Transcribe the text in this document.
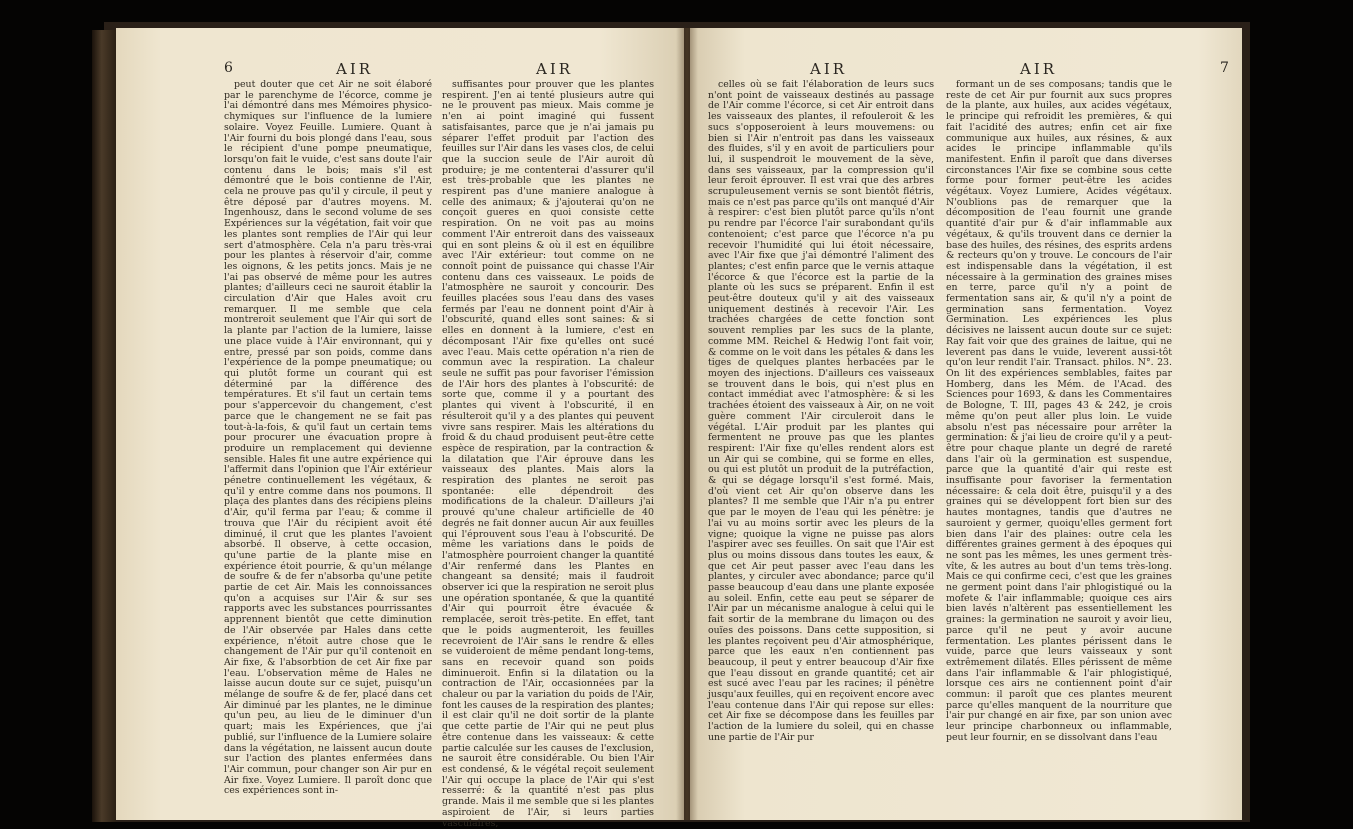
6	AIR	AIR

peut douter que cet Air ne soit élaboré par le parenchyme de l'écorce, comme je l'ai démontré dans mes Mémoires physico-chymiques sur l'influence de la lumiere solaire. Voyez Feuille. Lumiere. Quant à l'Air fourni du bois plongé dans l'eau, sous le récipient d'une pompe pneumatique, lorsqu'on fait le vuide, c'est sans doute l'air contenu dans le bois; mais s'il est démontré que le bois contienne de l'Air, cela ne prouve pas qu'il y circule, il peut y être déposé par d'autres moyens. M. Ingenhousz, dans le second volume de ses Expériences sur la végétation, fait voir que les plantes sont remplies de l'Air qui leur sert d'atmosphère. Cela n'a paru très-vrai pour les plantes à réservoir d'air, comme les oignons, & les petits joncs. Mais je ne l'ai pas observé de même pour les autres plantes; d'ailleurs ceci ne sauroit établir la circulation d'Air que Hales avoit cru remarquer. Il me semble que cela montreroit seulement que l'Air qui sort de la plante par l'action de la lumiere, laisse une place vuide à l'Air environnant, qui y entre, pressé par son poids, comme dans l'expérience de la pompe pneumatique; ou qui plutôt forme un courant qui est déterminé par la différence des températures. Et s'il faut un certain tems pour s'appercevoir du changement, c'est parce que le changement ne se fait pas tout-à-la-fois, & qu'il faut un certain tems pour procurer une évacuation propre à produire un remplacement qui devienne sensible. Hales fit une autre expérience qui l'affermit dans l'opinion que l'Air extérieur pénetre continuellement les végétaux, & qu'il y entre comme dans nos poumons. Il plaça des plantes dans des récipiens pleins d'Air, qu'il ferma par l'eau; & comme il trouva que l'Air du récipient avoit été diminué, il crut que les plantes l'avoient absorbé. Il observe, à cette occasion, qu'une partie de la plante mise en expérience étoit pourrie, & qu'un mélange de soufre & de fer n'absorba qu'une petite partie de cet Air. Mais les connoissances qu'on a acquises sur l'Air & sur ses rapports avec les substances pourrissantes apprennent bientôt que cette diminution de l'Air observée par Hales dans cette expérience, n'étoit autre chose que le changement de l'Air pur qu'il contenoit en Air fixe, & l'absorbtion de cet Air fixe par l'eau. L'observation même de Hales ne laisse aucun doute sur ce sujet, puisqu'un mélange de soufre & de fer, placé dans cet Air diminué par les plantes, ne le diminue qu'un peu, au lieu de le diminuer d'un quart; mais les Expériences, que j'ai publié, sur l'influence de la Lumiere solaire dans la végétation, ne laissent aucun doute sur l'action des plantes enfermées dans l'Air commun, pour changer son Air pur en Air fixe. Voyez Lumiere. Il paroît donc que ces expériences sont in-

suffisantes pour prouver que les plantes respirent. J'en ai tenté plusieurs autre qui ne le prouvent pas mieux. Mais comme je n'en ai point imaginé qui fussent satisfaisantes, parce que je n'ai jamais pu séparer l'effet produit par l'action des feuilles sur l'Air dans les vases clos, de celui que la succion seule de l'Air auroit dû produire; je me contenterai d'assurer qu'il est très-probable que les plantes ne respirent pas d'une maniere analogue à celle des animaux; & j'ajouterai qu'on ne conçoit gueres en quoi consiste cette respiration. On ne voit pas au moins comment l'Air entreroit dans des vaisseaux qui en sont pleins & où il est en équilibre avec l'Air extérieur: tout comme on ne connoît point de puissance qui chasse l'Air contenu dans ces vaisseaux. Le poids de l'atmosphère ne sauroit y concourir. Des feuilles placées sous l'eau dans des vases fermés par l'eau ne donnent point d'Air à l'obscurité, quand elles sont saines: & si elles en donnent à la lumiere, c'est en décomposant l'Air fixe qu'elles ont sucé avec l'eau. Mais cette opération n'a rien de commun avec la respiration. La chaleur seule ne suffit pas pour favoriser l'émission de l'Air hors des plantes à l'obscurité: de sorte que, comme il y a pourtant des plantes qui vivent à l'obscurité, il en résulteroit qu'il y a des plantes qui peuvent vivre sans respirer. Mais les altérations du froid & du chaud produisent peut-être cette espèce de respiration, par la contraction & la dilatation que l'Air éprouve dans les vaisseaux des plantes. Mais alors la respiration des plantes ne seroit pas spontanée: elle dépendroit des modifications de la chaleur. D'ailleurs j'ai prouvé qu'une chaleur artificielle de 40 degrés ne fait donner aucun Air aux feuilles qui l'éprouvent sous l'eau à l'obscurité. De même les variations dans le poids de l'atmosphère pourroient changer la quantité d'Air renfermé dans les Plantes en changeant sa densité; mais il faudroit observer ici que la respiration ne seroit plus une opération spontanée, & que la quantité d'Air qui pourroit être évacuée & remplacée, seroit très-petite. En effet, tant que le poids augmenteroit, les feuilles recevroient de l'Air sans le rendre & elles se vuideroient de même pendant long-tems, sans en recevoir quand son poids diminueroit. Enfin si la dilatation ou la contraction de l'Air, occasionnées par la chaleur ou par la variation du poids de l'Air, font les causes de la respiration des plantes; il est clair qu'il ne doit sortir de la plante que cette partie de l'Air qui ne peut plus être contenue dans les vaisseaux: & cette partie calculée sur les causes de l'exclusion, ne sauroit être considérable. Ou bien l'Air est condensé, & le végétal reçoit seulement l'Air qui occupe la place de l'Air qui s'est resserré: & la quantité n'est pas plus grande. Mais il me semble que si les plantes aspiroient de l'Air, si leurs parties vasculaires,

AIR	AIR	7

celles où se fait l'élaboration de leurs sucs n'ont point de vaisseaux destinés au passage de l'Air comme l'écorce, si cet Air entroit dans les vaisseaux des plantes, il refouleroit & les sucs s'opposeroient à leurs mouvemens: ou bien si l'Air n'entroit pas dans les vaisseaux des fluides, s'il y en avoit de particuliers pour lui, il suspendroit le mouvement de la sève, dans ses vaisseaux, par la compression qu'il leur feroit éprouver. Il est vrai que des arbres scrupuleusement vernis se sont bientôt flétris, mais ce n'est pas parce qu'ils ont manqué d'Air à respirer: c'est bien plutôt parce qu'ils n'ont pu rendre par l'écorce l'air surabondant qu'ils contenoient; c'est parce que l'écorce n'a pu recevoir l'humidité qui lui étoit nécessaire, avec l'Air fixe que j'ai démontré l'aliment des plantes; c'est enfin parce que le vernis attaque l'écorce & que l'écorce est la partie de la plante où les sucs se préparent. Enfin il est peut-être douteux qu'il y ait des vaisseaux uniquement destinés à recevoir l'Air. Les trachées chargées de cette fonction sont souvent remplies par les sucs de la plante, comme MM. Reichel & Hedwig l'ont fait voir, & comme on le voit dans les pétales & dans les tiges de quelques plantes herbacées par le moyen des injections. D'ailleurs ces vaisseaux se trouvent dans le bois, qui n'est plus en contact immédiat avec l'atmosphère: & si les trachées étoient des vaisseaux à Air, on ne voit guère comment l'Air circuleroit dans le végétal. L'Air produit par les plantes qui fermentent ne prouve pas que les plantes respirent: l'Air fixe qu'elles rendent alors est un Air qui se combine, qui se forme en elles, ou qui est plutôt un produit de la putréfaction, & qui se dégage lorsqu'il s'est formé. Mais, d'où vient cet Air qu'on observe dans les plantes? Il me semble que l'Air n'a pu entrer que par le moyen de l'eau qui les pénètre: je l'ai vu au moins sortir avec les pleurs de la vigne; quoique la vigne ne puisse pas alors l'aspirer avec ses feuilles. On sait que l'Air est plus ou moins dissous dans toutes les eaux, & que cet Air peut passer avec l'eau dans les plantes, y circuler avec abondance; parce qu'il passe beaucoup d'eau dans une plante exposée au soleil. Enfin, cette eau peut se séparer de l'Air par un mécanisme analogue à celui qui le fait sortir de la membrane du limaçon ou des ouïes des poissons. Dans cette supposition, si les plantes reçoivent peu d'Air atmosphérique, parce que les eaux n'en contiennent pas beaucoup, il peut y entrer beaucoup d'Air fixe que l'eau dissout en grande quantité; cet air est sucé avec l'eau par les racines; il pénètre jusqu'aux feuilles, qui en reçoivent encore avec l'eau contenue dans l'Air qui repose sur elles: cet Air fixe se décompose dans les feuilles par l'action de la lumiere du soleil, qui en chasse une partie de l'Air pur

formant un de ses composans; tandis que le reste de cet Air pur fournit aux sucs propres de la plante, aux huiles, aux acides végétaux, le principe qui refroidit les premières, & qui fait l'acidité des autres; enfin cet air fixe communique aux huiles, aux résines, & aux acides le principe inflammable qu'ils manifestent. Enfin il paroît que dans diverses circonstances l'Air fixe se combine sous cette forme pour former peut-être les acides végétaux. Voyez Lumiere, Acides végétaux. N'oublions pas de remarquer que la décomposition de l'eau fournit une grande quantité d'air pur & d'air inflammable aux végétaux, & qu'ils trouvent dans ce dernier la base des huiles, des résines, des esprits ardens & recteurs qu'on y trouve. Le concours de l'air est indispensable dans la végétation, il est nécessaire à la germination des graines mises en terre, parce qu'il n'y a point de fermentation sans air, & qu'il n'y a point de germination sans fermentation. Voyez Germination. Les expériences les plus décisives ne laissent aucun doute sur ce sujet: Ray fait voir que des graines de laitue, qui ne leverent pas dans le vuide, leverent aussi-tôt qu'on leur rendit l'air. Transact. philos. N°. 23. On lit des expériences semblables, faites par Homberg, dans les Mém. de l'Acad. des Sciences pour 1693, & dans les Commentaires de Bologne, T. III, pages 43 & 242, je crois même qu'on peut aller plus loin. Le vuide absolu n'est pas nécessaire pour arrêter la germination: & j'ai lieu de croire qu'il y a peut-être pour chaque plante un degré de rareté dans l'air où la germination est suspendue, parce que la quantité d'air qui reste est insuffisante pour favoriser la fermentation nécessaire: & cela doit être, puisqu'il y a des graines qui se développent fort bien sur des hautes montagnes, tandis que d'autres ne sauroient y germer, quoiqu'elles germent fort bien dans l'air des plaines: outre cela les différentes graines germent à des époques qui ne sont pas les mêmes, les unes germent très-vîte, & les autres au bout d'un tems très-long. Mais ce qui confirme ceci, c'est que les graines ne germent point dans l'air phlogistiqué ou la mofete & l'air inflammable; quoique ces airs bien lavés n'altèrent pas essentiellement les graines: la germination ne sauroit y avoir lieu, parce qu'il ne peut y avoir aucune fermentation. Les plantes périssent dans le vuide, parce que leurs vaisseaux y sont extrêmement dilatés. Elles périssent de même dans l'air inflammable & l'air phlogistiqué, lorsque ces airs ne contiennent point d'air commun: il paroît que ces plantes meurent parce qu'elles manquent de la nourriture que l'air pur changé en air fixe, par son union avec leur principe charbonneux ou inflammable, peut leur fournir, en se dissolvant dans l'eau
